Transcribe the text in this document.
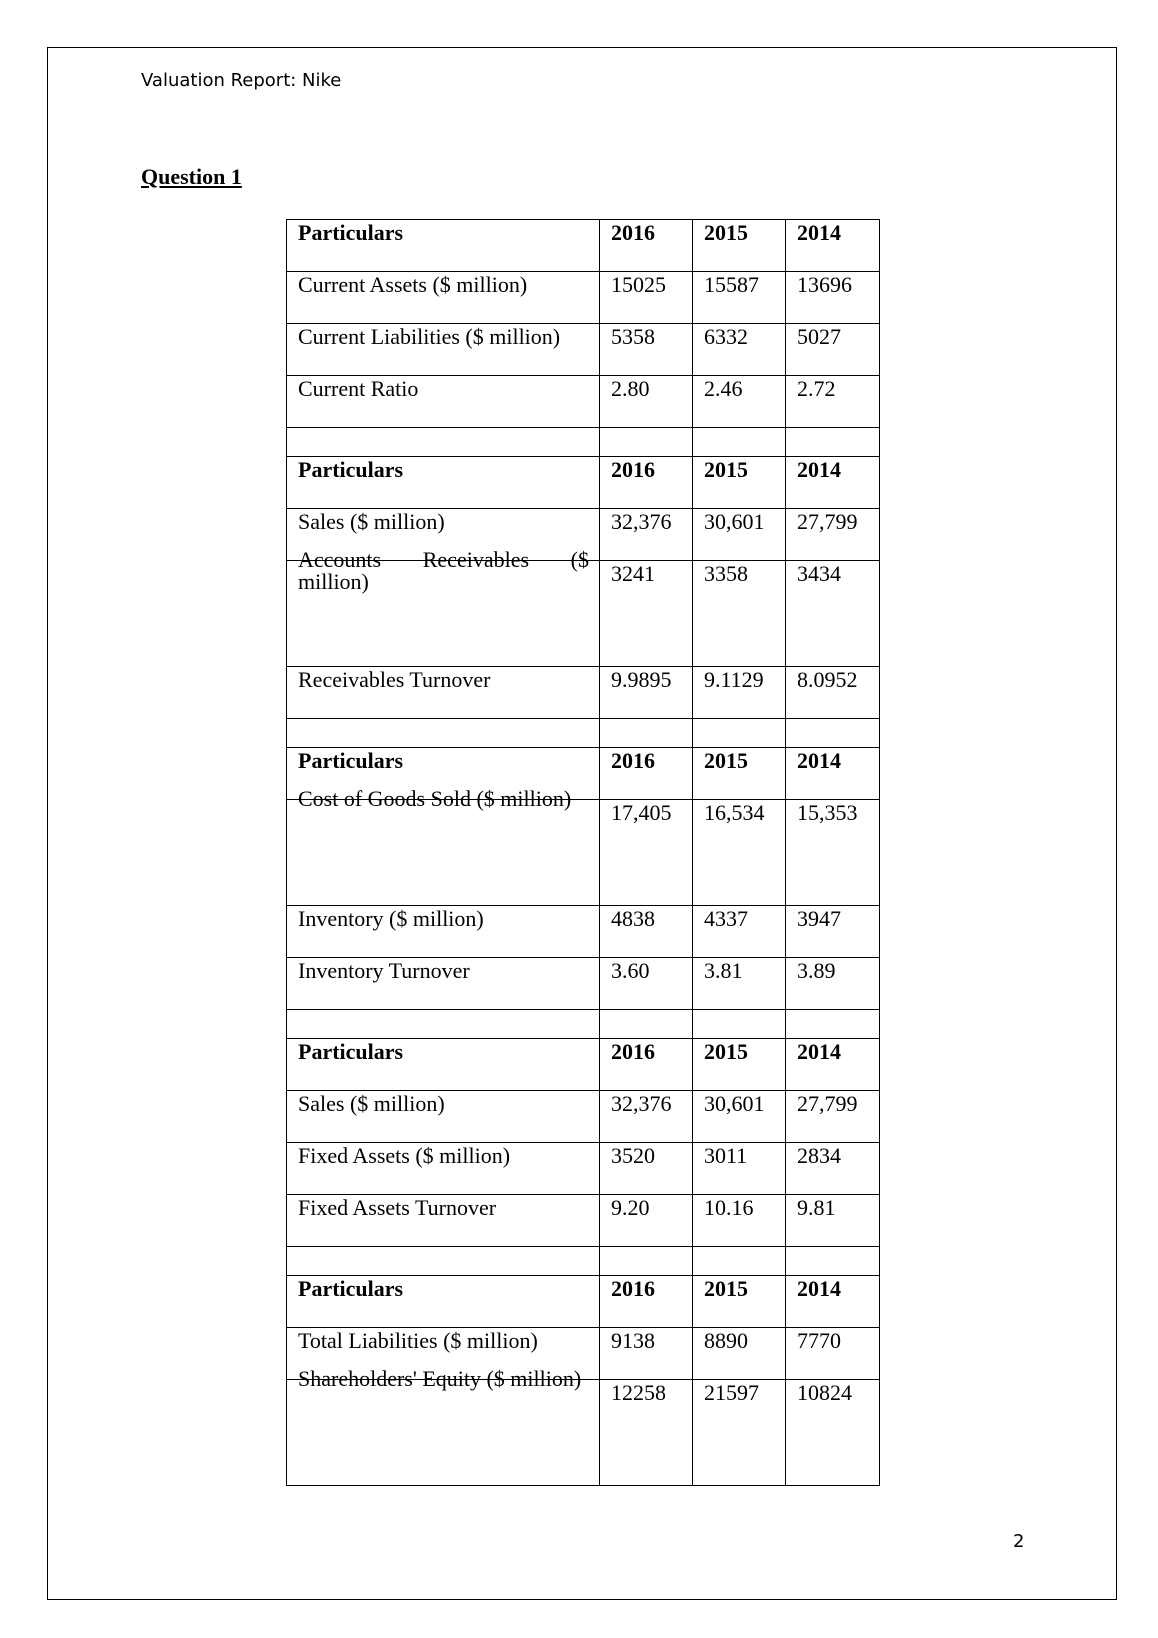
Valuation Report: Nike
Question 1
Particulars	2016	2015	2014
Current Assets ($ million)	15025	15587	13696
Current Liabilities ($ million)	5358	6332	5027
Current Ratio	2.80	2.46	2.72

Particulars	2016	2015	2014
Sales ($ million)	32,376	30,601	27,799

Accounts Receivables ($ million)	3241	3358	3434
Receivables Turnover	9.9895	9.1129	8.0952

Particulars	2016	2015	2014

Cost of Goods Sold ($ million)	17,405	16,534	15,353
Inventory ($ million)	4838	4337	3947
Inventory Turnover	3.60	3.81	3.89

Particulars	2016	2015	2014
Sales ($ million)	32,376	30,601	27,799
Fixed Assets ($ million)	3520	3011	2834
Fixed Assets Turnover	9.20	10.16	9.81

Particulars	2016	2015	2014
Total Liabilities ($ million)	9138	8890	7770

Shareholders' Equity ($ million)	12258	21597	10824
2
